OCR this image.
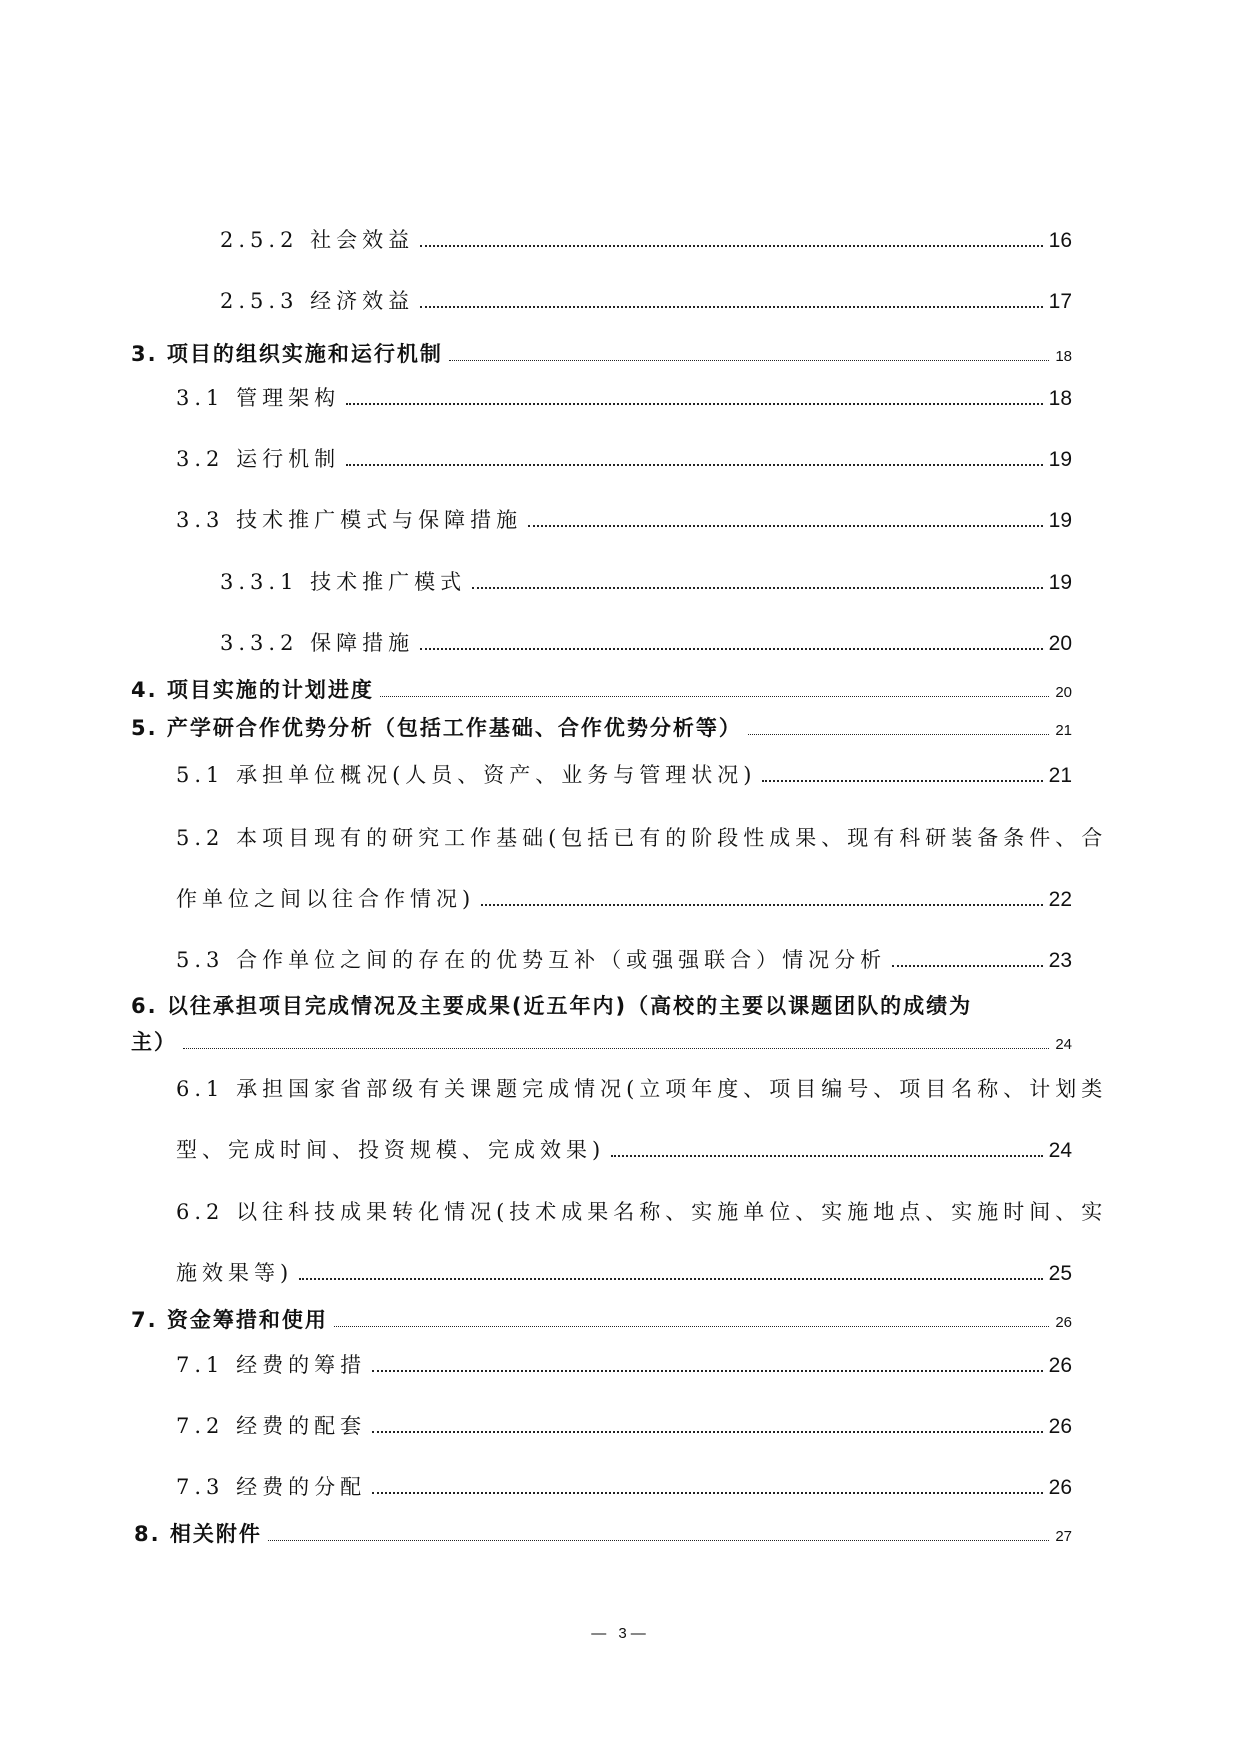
2.5.2 社会效益	16
2.5.3 经济效益	17
3. 项目的组织实施和运行机制	18
3.1 管理架构	18
3.2 运行机制	19
3.3 技术推广模式与保障措施	19
3.3.1 技术推广模式	19
3.3.2 保障措施	20
4. 项目实施的计划进度	20
5. 产学研合作优势分析（包括工作基础、合作优势分析等）	21
5.1 承担单位概况(人员、资产、业务与管理状况)	21
5.2 本项目现有的研究工作基础(包括已有的阶段性成果、现有科研装备条件、合
作单位之间以往合作情况)	22
5.3 合作单位之间的存在的优势互补（或强强联合）情况分析	23
6. 以往承担项目完成情况及主要成果(近五年内)（高校的主要以课题团队的成绩为
主）	24
6.1 承担国家省部级有关课题完成情况(立项年度、项目编号、项目名称、计划类
型、完成时间、投资规模、完成效果)	24
6.2 以往科技成果转化情况(技术成果名称、实施单位、实施地点、实施时间、实
施效果等)	25
7. 资金筹措和使用	26
7.1 经费的筹措	26
7.2 经费的配套	26
7.3 经费的分配	26
8. 相关附件	27
— 3—
